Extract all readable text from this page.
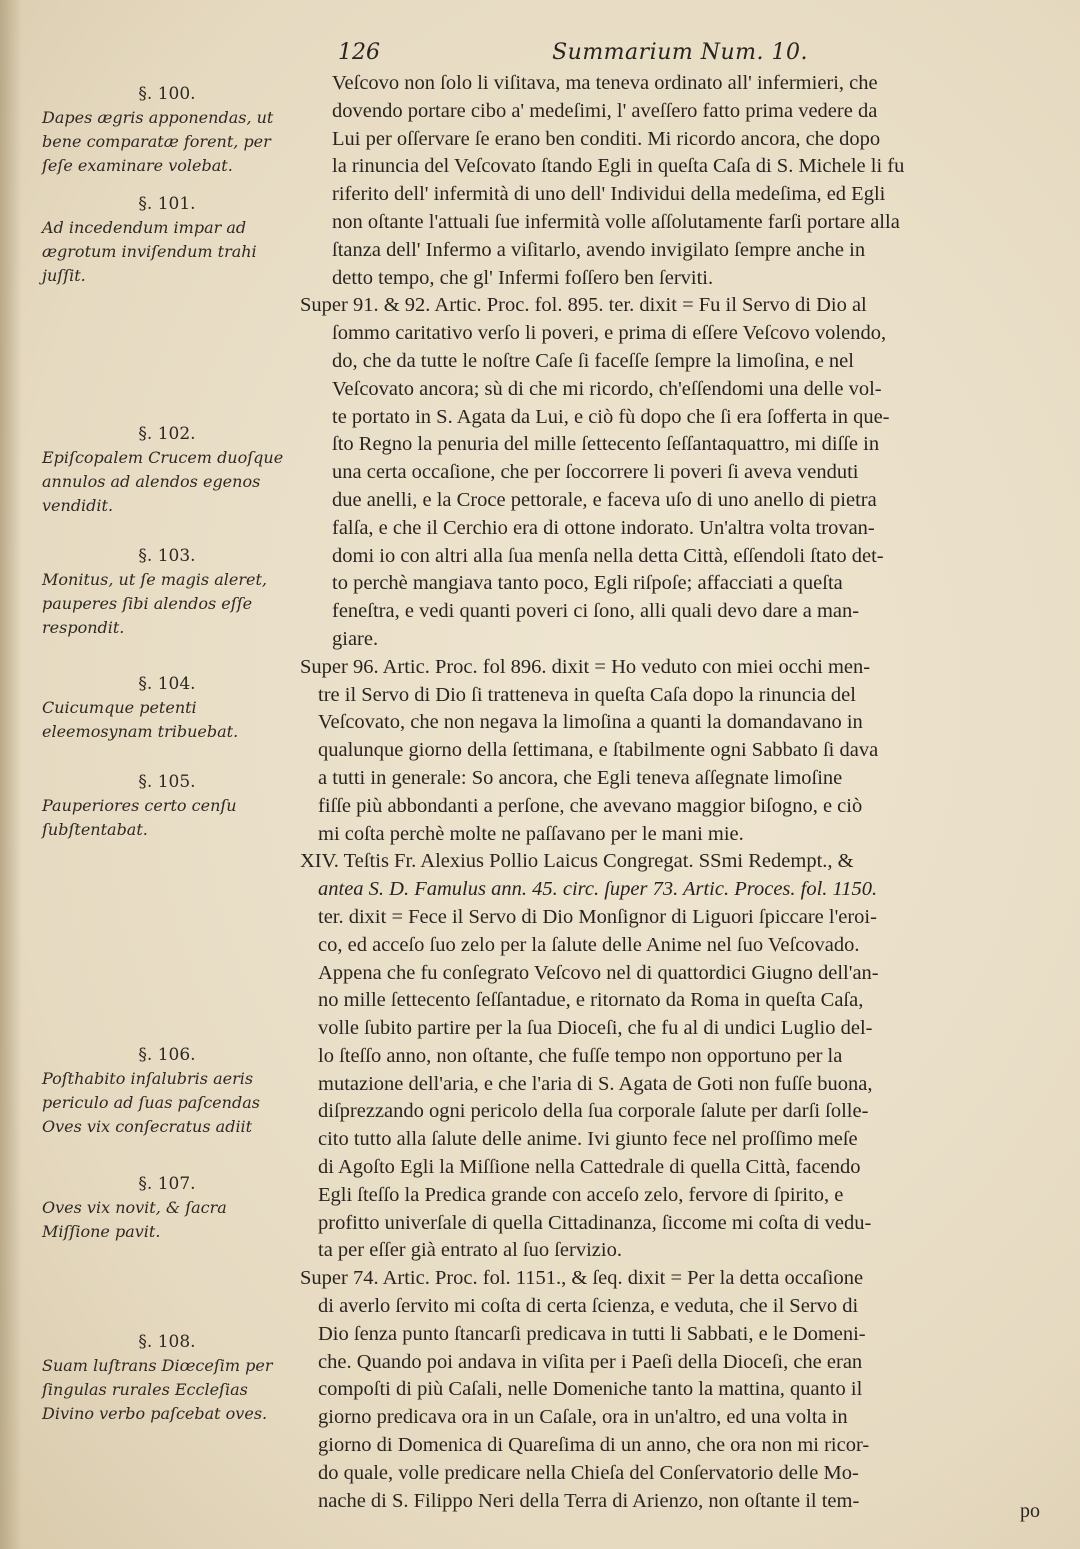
126	Summarium Num. 10.
§. 100.
Dapes ægris apponendas, ut bene comparatæ forent, per ſeſe examinare volebat.
§. 101.
Ad incedendum impar ad ægrotum inviſendum trahi juſſit.
§. 102.
Epiſcopalem Crucem duoſque annulos ad alendos egenos vendidit.
§. 103.
Monitus, ut ſe magis aleret, pauperes ſibi alendos eſſe respondit.
§. 104.
Cuicumque petenti eleemosynam tribuebat.
§. 105.
Pauperiores certo cenſu ſubſtentabat.
§. 106.
Poſthabito inſalubris aeris periculo ad ſuas paſcendas Oves vix conſecratus adiit
§. 107.
Oves vix novit, & ſacra Miſſione pavit.
§. 108.
Suam luſtrans Diœceſim per ſingulas rurales Eccleſias Divino verbo paſcebat oves.
Veſcovo non ſolo li viſitava, ma teneva ordinato all' infermieri, che
dovendo portare cibo a' medeſimi, l' aveſſero fatto prima vedere da
Lui per oſſervare ſe erano ben conditi. Mi ricordo ancora, che dopo
la rinuncia del Veſcovato ſtando Egli in queſta Caſa di S. Michele li fu
riferito dell' infermità di uno dell' Individui della medeſima, ed Egli
non oſtante l'attuali ſue infermità volle aſſolutamente farſi portare alla
ſtanza dell' Infermo a viſitarlo, avendo invigilato ſempre anche in
detto tempo, che gl' Infermi foſſero ben ſerviti.
Super 91. & 92. Artic. Proc. fol. 895. ter. dixit = Fu il Servo di Dio al
ſommo caritativo verſo li poveri, e prima di eſſere Veſcovo volendo,
do, che da tutte le noſtre Caſe ſi faceſſe ſempre la limoſina, e nel
Veſcovato ancora; sù di che mi ricordo, ch'eſſendomi una delle vol-
te portato in S. Agata da Lui, e ciò fù dopo che ſi era ſofferta in que-
ſto Regno la penuria del mille ſettecento ſeſſantaquattro, mi diſſe in
una certa occaſione, che per ſoccorrere li poveri ſi aveva venduti
due anelli, e la Croce pettorale, e faceva uſo di uno anello di pietra
falſa, e che il Cerchio era di ottone indorato. Un'altra volta trovan-
domi io con altri alla ſua menſa nella detta Città, eſſendoli ſtato det-
to perchè mangiava tanto poco, Egli riſpoſe; affacciati a queſta
feneſtra, e vedi quanti poveri ci ſono, alli quali devo dare a man-
giare.
Super 96. Artic. Proc. fol 896. dixit = Ho veduto con miei occhi men-
tre il Servo di Dio ſi tratteneva in queſta Caſa dopo la rinuncia del
Veſcovato, che non negava la limoſina a quanti la domandavano in
qualunque giorno della ſettimana, e ſtabilmente ogni Sabbato ſi dava
a tutti in generale: So ancora, che Egli teneva aſſegnate limoſine
fiſſe più abbondanti a perſone, che avevano maggior biſogno, e ciò
mi coſta perchè molte ne paſſavano per le mani mie.
XIV. Teſtis Fr. Alexius Pollio Laicus Congregat. SSmi Redempt., &
antea S. D. Famulus ann. 45. circ. ſuper 73. Artic. Proces. fol. 1150.
ter. dixit = Fece il Servo di Dio Monſignor di Liguori ſpiccare l'eroi-
co, ed acceſo ſuo zelo per la ſalute delle Anime nel ſuo Veſcovado.
Appena che fu conſegrato Veſcovo nel di quattordici Giugno dell'an-
no mille ſettecento ſeſſantadue, e ritornato da Roma in queſta Caſa,
volle ſubito partire per la ſua Dioceſi, che fu al di undici Luglio del-
lo ſteſſo anno, non oſtante, che fuſſe tempo non opportuno per la
mutazione dell'aria, e che l'aria di S. Agata de Goti non fuſſe buona,
diſprezzando ogni pericolo della ſua corporale ſalute per darſi ſolle-
cito tutto alla ſalute delle anime. Ivi giunto fece nel proſſimo meſe
di Agoſto Egli la Miſſione nella Cattedrale di quella Città, facendo
Egli ſteſſo la Predica grande con acceſo zelo, fervore di ſpirito, e
profitto univerſale di quella Cittadinanza, ſiccome mi coſta di vedu-
ta per eſſer già entrato al ſuo ſervizio.
Super 74. Artic. Proc. fol. 1151., & ſeq. dixit = Per la detta occaſione
di averlo ſervito mi coſta di certa ſcienza, e veduta, che il Servo di
Dio ſenza punto ſtancarſi predicava in tutti li Sabbati, e le Domeni-
che. Quando poi andava in viſita per i Paeſi della Dioceſi, che eran
compoſti di più Caſali, nelle Domeniche tanto la mattina, quanto il
giorno predicava ora in un Caſale, ora in un'altro, ed una volta in
giorno di Domenica di Quareſima di un anno, che ora non mi ricor-
do quale, volle predicare nella Chieſa del Conſervatorio delle Mo-
nache di S. Filippo Neri della Terra di Arienzo, non oſtante il tem-	po
